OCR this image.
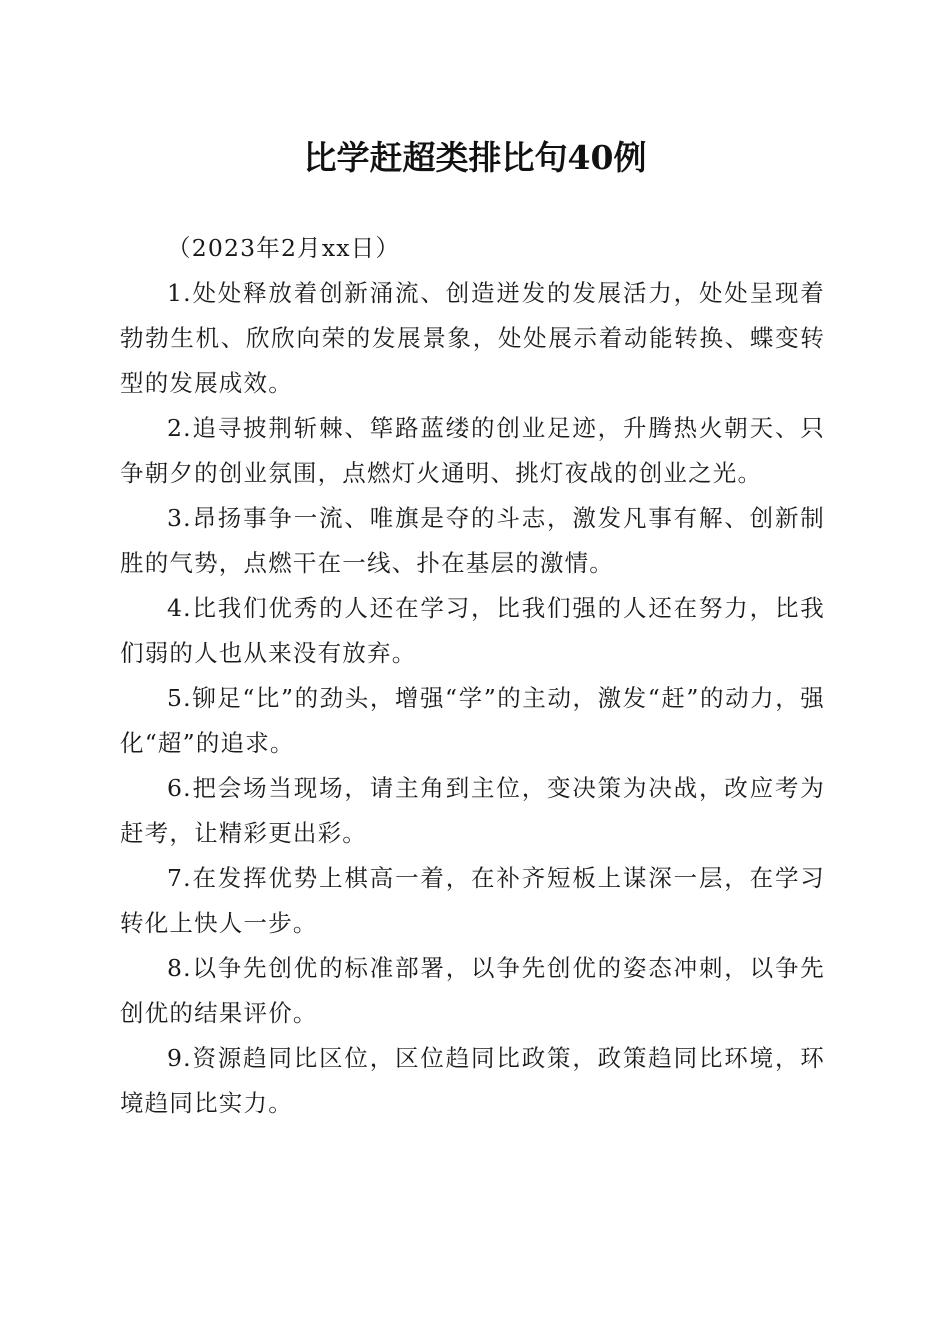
比学赶超类排比句40例

（2023年2月xx日）

1.处处释放着创新涌流、创造迸发的发展活力，处处呈现着勃勃生机、欣欣向荣的发展景象，处处展示着动能转换、蝶变转型的发展成效。

2.追寻披荆斩棘、筚路蓝缕的创业足迹，升腾热火朝天、只争朝夕的创业氛围，点燃灯火通明、挑灯夜战的创业之光。

3.昂扬事争一流、唯旗是夺的斗志，激发凡事有解、创新制胜的气势，点燃干在一线、扑在基层的激情。

4.比我们优秀的人还在学习，比我们强的人还在努力，比我们弱的人也从来没有放弃。

5.铆足“比”的劲头，增强“学”的主动，激发“赶”的动力，强化“超”的追求。

6.把会场当现场，请主角到主位，变决策为决战，改应考为赶考，让精彩更出彩。

7.在发挥优势上棋高一着，在补齐短板上谋深一层，在学习转化上快人一步。

8.以争先创优的标准部署，以争先创优的姿态冲刺，以争先创优的结果评价。

9.资源趋同比区位，区位趋同比政策，政策趋同比环境，环境趋同比实力。
